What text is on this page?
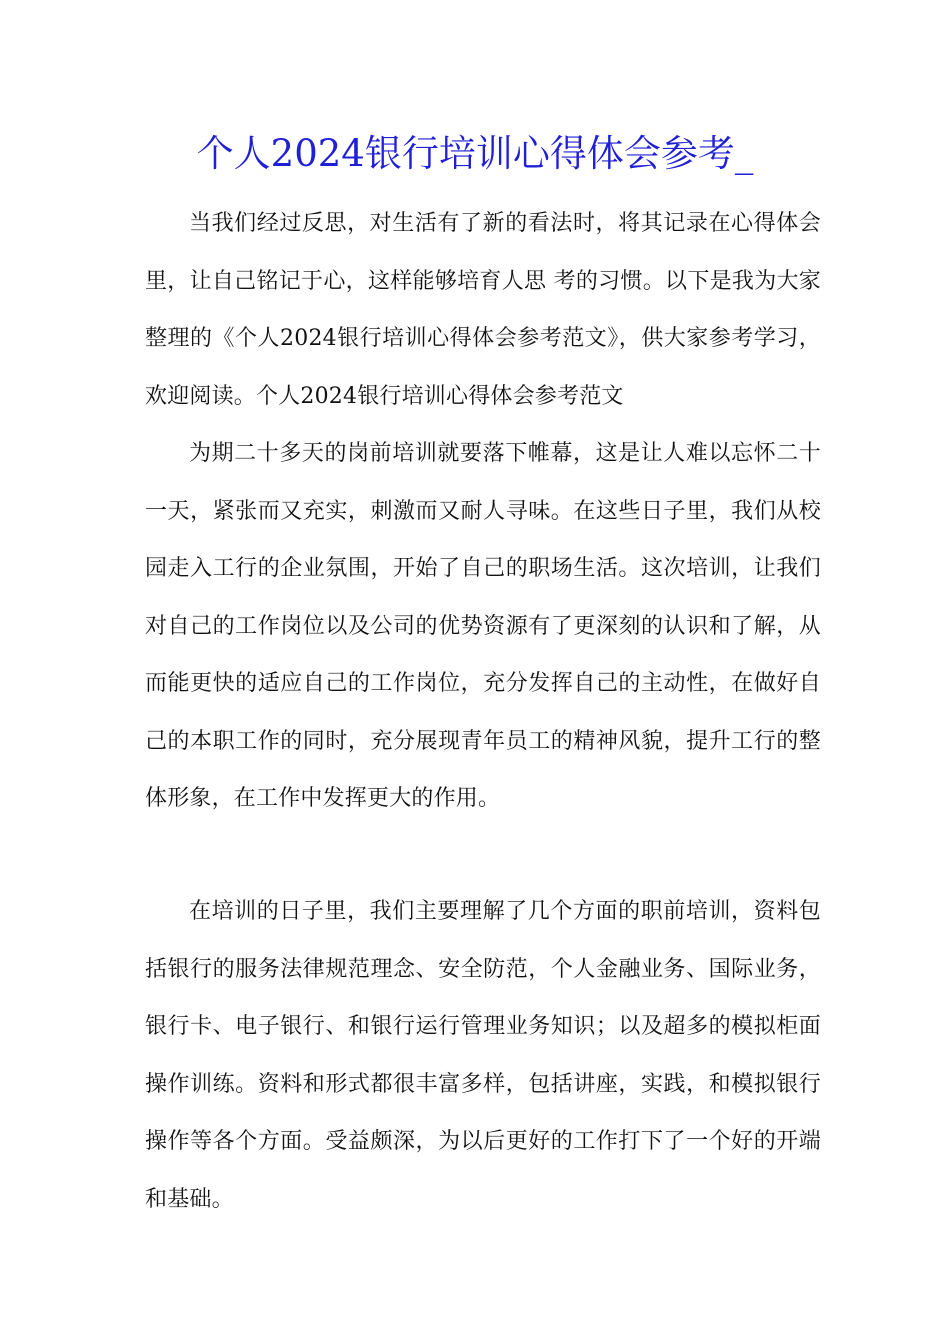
个人2024银行培训心得体会参考_

当我们经过反思，对生活有了新的看法时，将其记录在心得体会里，让自己铭记于心，这样能够培育人思 考的习惯。以下是我为大家整理的《个人2024银行培训心得体会参考范文》，供大家参考学习，欢迎阅读。个人2024银行培训心得体会参考范文

为期二十多天的岗前培训就要落下帷幕，这是让人难以忘怀二十一天，紧张而又充实，刺激而又耐人寻味。在这些日子里，我们从校园走入工行的企业氛围，开始了自己的职场生活。这次培训，让我们对自己的工作岗位以及公司的优势资源有了更深刻的认识和了解，从而能更快的适应自己的工作岗位，充分发挥自己的主动性，在做好自己的本职工作的同时，充分展现青年员工的精神风貌，提升工行的整体形象，在工作中发挥更大的作用。

在培训的日子里，我们主要理解了几个方面的职前培训，资料包括银行的服务法律规范理念、安全防范，个人金融业务、国际业务，银行卡、电子银行、和银行运行管理业务知识；以及超多的模拟柜面操作训练。资料和形式都很丰富多样，包括讲座，实践，和模拟银行操作等各个方面。受益颇深，为以后更好的工作打下了一个好的开端和基础。
